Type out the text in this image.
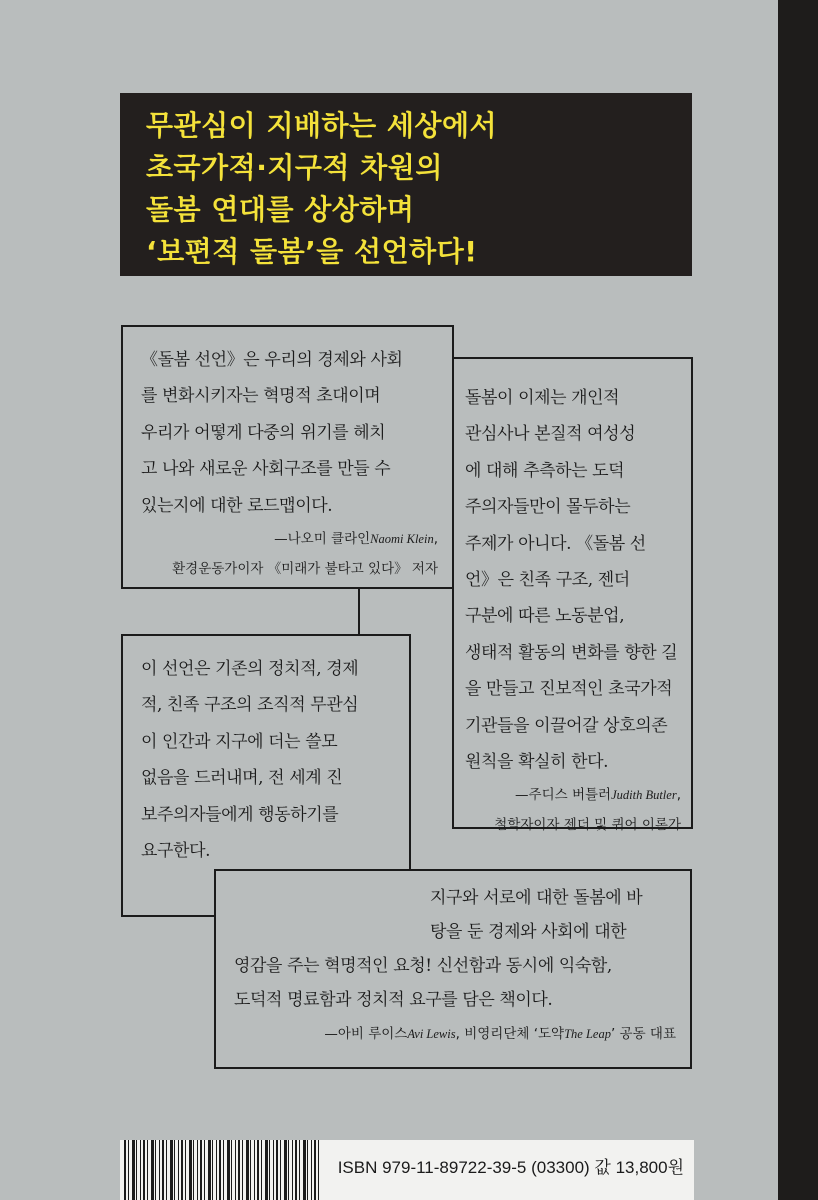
무관심이 지배하는 세상에서
초국가적·지구적 차원의
돌봄 연대를 상상하며
‘보편적 돌봄’을 선언하다!
돌봄이 이제는 개인적
관심사나 본질적 여성성
에 대해 추측하는 도덕
주의자들만이 몰두하는
주제가 아니다. 《돌봄 선
언》은 친족 구조, 젠더
구분에 따른 노동분업,
생태적 활동의 변화를 향한 길
을 만들고 진보적인 초국가적
기관들을 이끌어갈 상호의존
원칙을 확실히 한다.
—주디스 버틀러Judith Butler,
철학자이자 젠더 및 퀴어 이론가
《돌봄 선언》은 우리의 경제와 사회
를 변화시키자는 혁명적 초대이며
우리가 어떻게 다중의 위기를 헤치
고 나와 새로운 사회구조를 만들 수
있는지에 대한 로드맵이다.
—나오미 클라인Naomi Klein,
환경운동가이자 《미래가 불타고 있다》 저자
이 선언은 기존의 정치적, 경제
적, 친족 구조의 조직적 무관심
이 인간과 지구에 더는 쓸모
없음을 드러내며, 전 세계 진
보주의자들에게 행동하기를
요구한다.
지구와 서로에 대한 돌봄에 바
탕을 둔 경제와 사회에 대한
영감을 주는 혁명적인 요청! 신선함과 동시에 익숙함,
도덕적 명료함과 정치적 요구를 담은 책이다.
—아비 루이스Avi Lewis, 비영리단체 ‘도약The Leap’ 공동 대표
ISBN 979-11-89722-39-5 (03300) 값 13,800원
